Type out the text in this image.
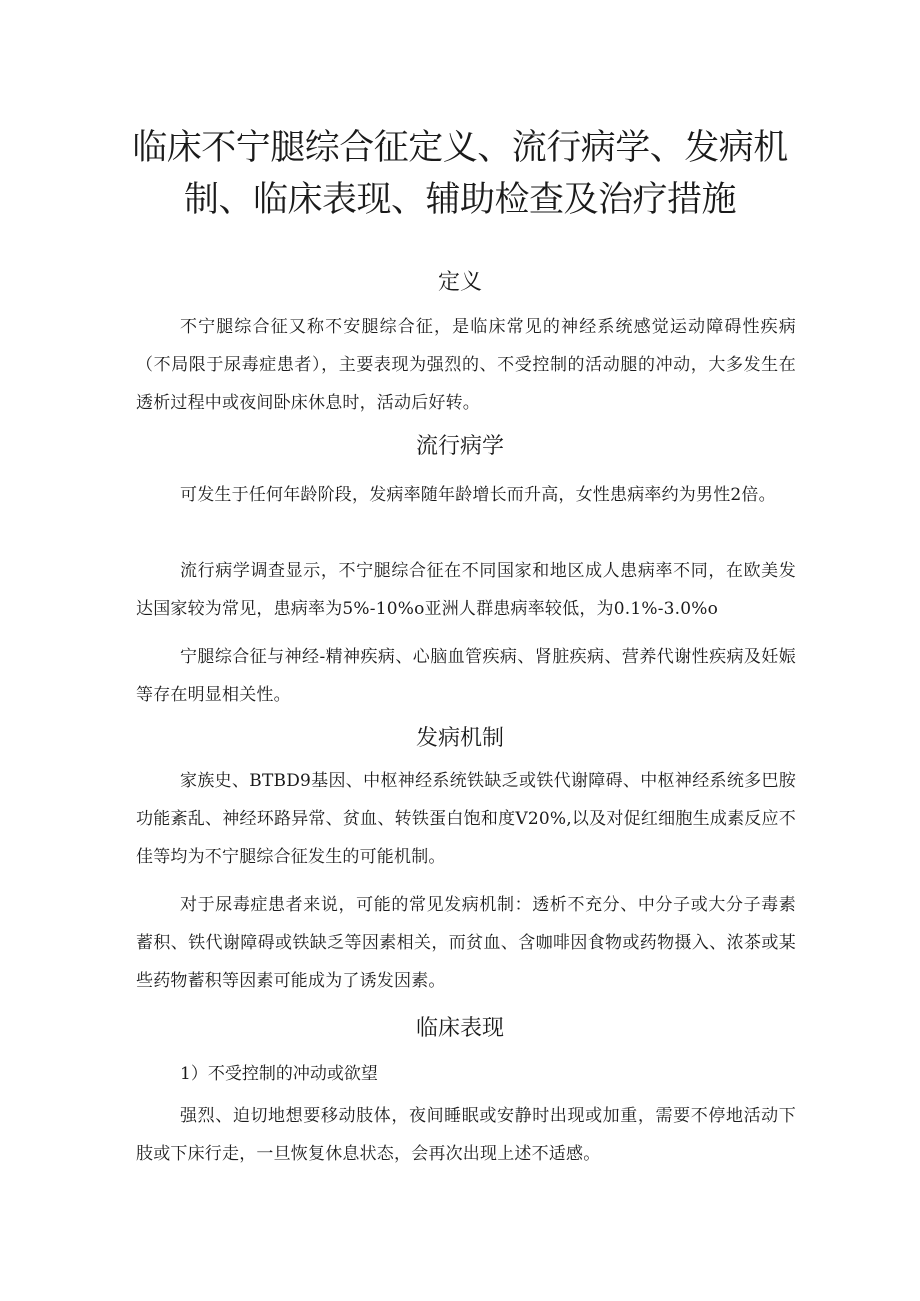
临床不宁腿综合征定义、流行病学、发病机
制、临床表现、辅助检查及治疗措施
定义

不宁腿综合征又称不安腿综合征，是临床常见的神经系统感觉运动障碍性疾病（不局限于尿毒症患者），主要表现为强烈的、不受控制的活动腿的冲动，大多发生在透析过程中或夜间卧床休息时，活动后好转。

流行病学

可发生于任何年龄阶段，发病率随年龄增长而升高，女性患病率约为男性2倍。

流行病学调查显示，不宁腿综合征在不同国家和地区成人患病率不同，在欧美发达国家较为常见，患病率为5%-10%o亚洲人群患病率较低，为0.1%-3.0%o

宁腿综合征与神经-精神疾病、心脑血管疾病、肾脏疾病、营养代谢性疾病及妊娠等存在明显相关性。

发病机制

家族史、BTBD9基因、中枢神经系统铁缺乏或铁代谢障碍、中枢神经系统多巴胺功能紊乱、神经环路异常、贫血、转铁蛋白饱和度V20%,以及对促红细胞生成素反应不佳等均为不宁腿综合征发生的可能机制。

对于尿毒症患者来说，可能的常见发病机制：透析不充分、中分子或大分子毒素蓄积、铁代谢障碍或铁缺乏等因素相关，而贫血、含咖啡因食物或药物摄入、浓茶或某些药物蓄积等因素可能成为了诱发因素。

临床表现

1）不受控制的冲动或欲望

强烈、迫切地想要移动肢体，夜间睡眠或安静时出现或加重，需要不停地活动下肢或下床行走，一旦恢复休息状态，会再次出现上述不适感。
